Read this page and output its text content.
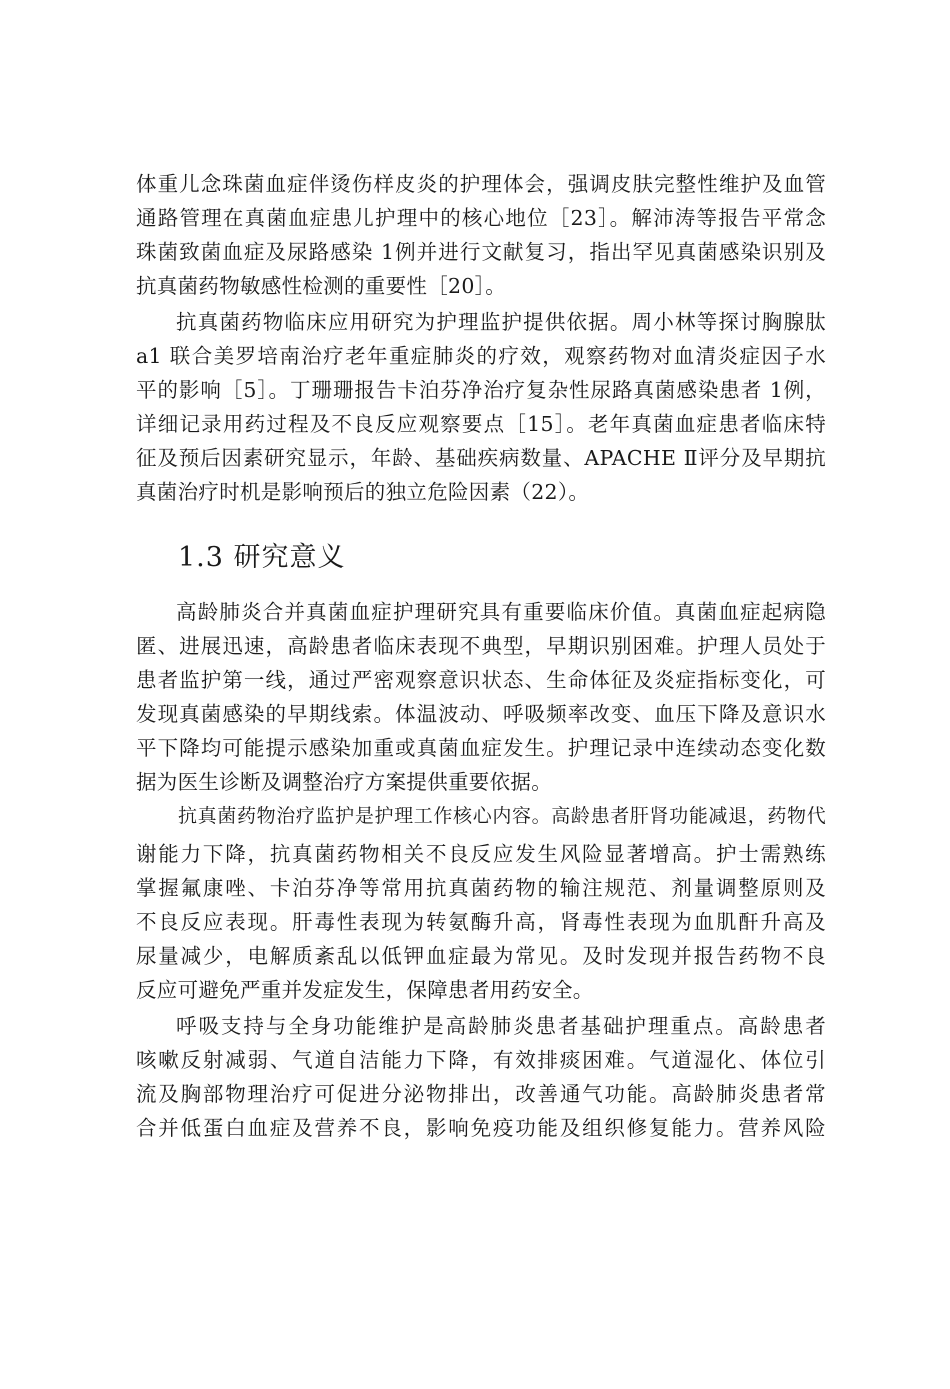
体重儿念珠菌血症伴烫伤样皮炎的护理体会，强调皮肤完整性维护及血管
通路管理在真菌血症患儿护理中的核心地位［23］。解沛涛等报告平常念
珠菌致菌血症及尿路感染 1例并进行文献复习，指出罕见真菌感染识别及
抗真菌药物敏感性检测的重要性［20］。
抗真菌药物临床应用研究为护理监护提供依据。周小林等探讨胸腺肽
a1 联合美罗培南治疗老年重症肺炎的疗效，观察药物对血清炎症因子水
平的影响［5］。丁珊珊报告卡泊芬净治疗复杂性尿路真菌感染患者 1例，
详细记录用药过程及不良反应观察要点［15］。老年真菌血症患者临床特
征及预后因素研究显示，年龄、基础疾病数量、APACHE Ⅱ评分及早期抗
真菌治疗时机是影响预后的独立危险因素（22）。
1.3 研究意义
高龄肺炎合并真菌血症护理研究具有重要临床价值。真菌血症起病隐
匿、进展迅速，高龄患者临床表现不典型，早期识别困难。护理人员处于
患者监护第一线，通过严密观察意识状态、生命体征及炎症指标变化，可
发现真菌感染的早期线索。体温波动、呼吸频率改变、血压下降及意识水
平下降均可能提示感染加重或真菌血症发生。护理记录中连续动态变化数
据为医生诊断及调整治疗方案提供重要依据。
抗真菌药物治疗监护是护理工作核心内容。高龄患者肝肾功能减退，药物代
谢能力下降，抗真菌药物相关不良反应发生风险显著增高。护士需熟练
掌握氟康唑、卡泊芬净等常用抗真菌药物的输注规范、剂量调整原则及
不良反应表现。肝毒性表现为转氨酶升高，肾毒性表现为血肌酐升高及
尿量减少，电解质紊乱以低钾血症最为常见。及时发现并报告药物不良
反应可避免严重并发症发生，保障患者用药安全。
呼吸支持与全身功能维护是高龄肺炎患者基础护理重点。高龄患者
咳嗽反射减弱、气道自洁能力下降，有效排痰困难。气道湿化、体位引
流及胸部物理治疗可促进分泌物排出，改善通气功能。高龄肺炎患者常
合并低蛋白血症及营养不良，影响免疫功能及组织修复能力。营养风险
